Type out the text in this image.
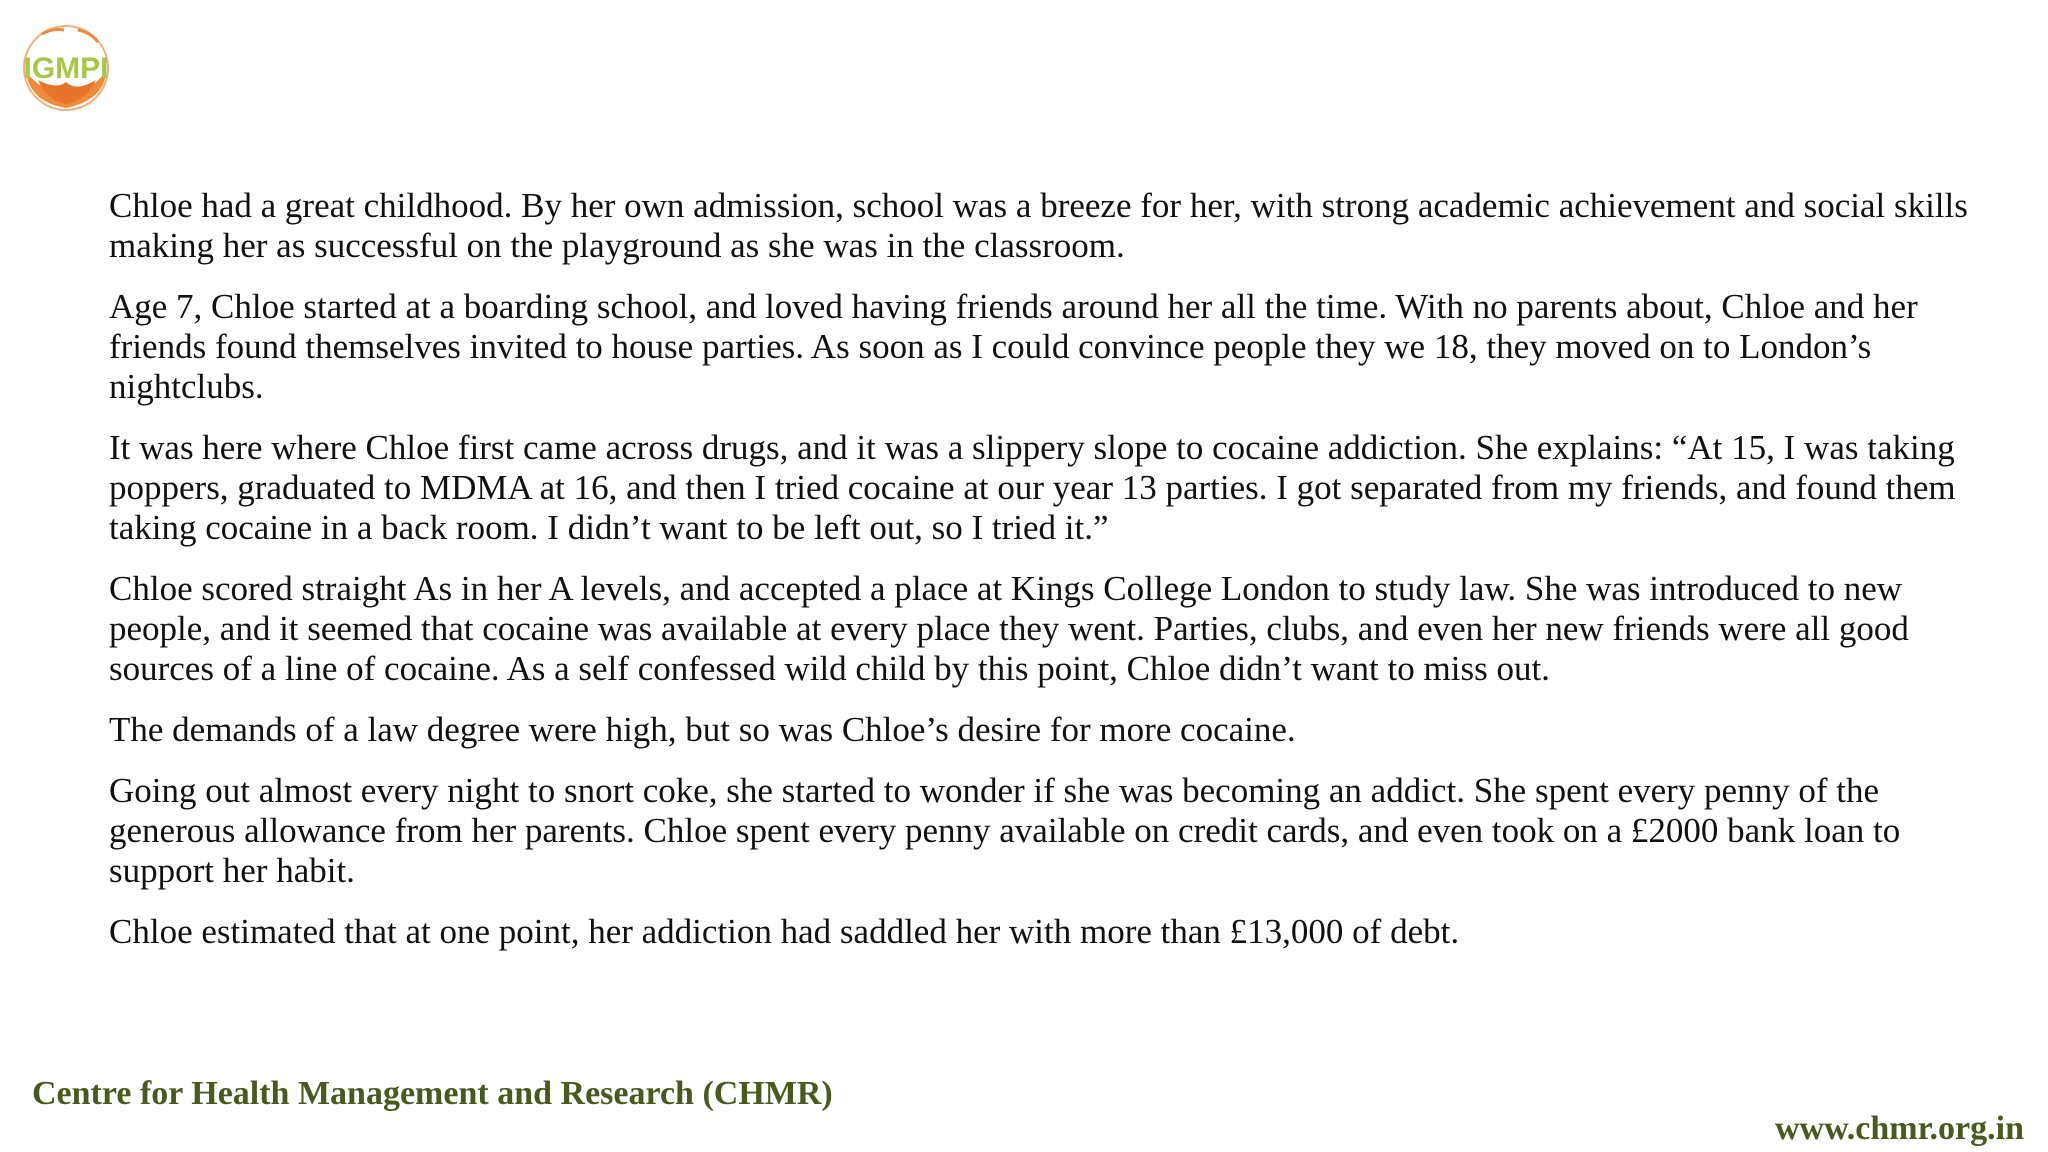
IGMPI

Chloe had a great childhood. By her own admission, school was a breeze for her, with strong academic achievement and social skills making her as successful on the playground as she was in the classroom.

Age 7, Chloe started at a boarding school, and loved having friends around her all the time. With no parents about, Chloe and her friends found themselves invited to house parties. As soon as I could convince people they we 18, they moved on to London’s nightclubs.

It was here where Chloe first came across drugs, and it was a slippery slope to cocaine addiction. She explains: “At 15, I was taking poppers, graduated to MDMA at 16, and then I tried cocaine at our year 13 parties. I got separated from my friends, and found them taking cocaine in a back room. I didn’t want to be left out, so I tried it.”

Chloe scored straight As in her A levels, and accepted a place at Kings College London to study law. She was introduced to new people, and it seemed that cocaine was available at every place they went. Parties, clubs, and even her new friends were all good sources of a line of cocaine. As a self confessed wild child by this point, Chloe didn’t want to miss out.

The demands of a law degree were high, but so was Chloe’s desire for more cocaine.

Going out almost every night to snort coke, she started to wonder if she was becoming an addict. She spent every penny of the generous allowance from her parents. Chloe spent every penny available on credit cards, and even took on a £2000 bank loan to support her habit.

Chloe estimated that at one point, her addiction had saddled her with more than £13,000 of debt.

Centre for Health Management and Research (CHMR)
www.chmr.org.in
